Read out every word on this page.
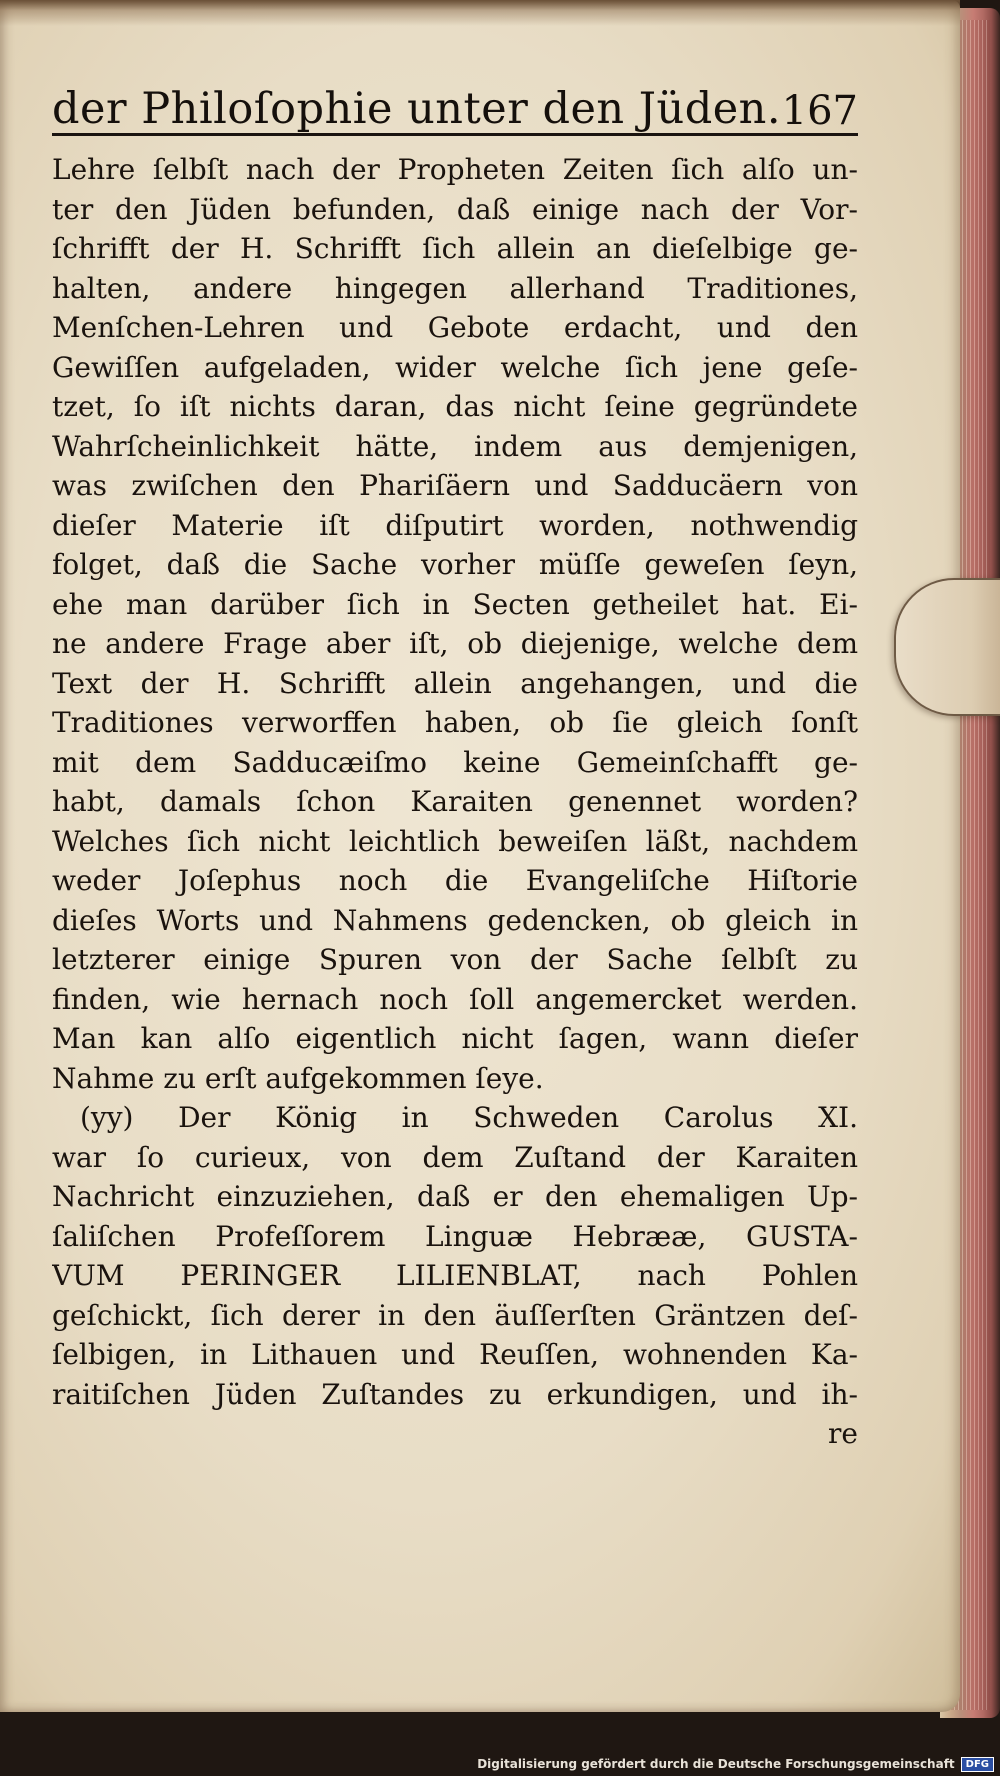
der Philoſophie unter den Jüden. 167
Lehre ſelbſt nach der Propheten Zeiten ſich alſo un-
ter den Jüden befunden, daß einige nach der Vor-
ſchrifft der H. Schrifft ſich allein an dieſelbige ge-
halten, andere hingegen allerhand Traditiones,
Menſchen-Lehren und Gebote erdacht, und den
Gewiſſen aufgeladen, wider welche ſich jene geſe-
tzet, ſo iſt nichts daran, das nicht ſeine gegründete
Wahrſcheinlichkeit hätte, indem aus demjenigen,
was zwiſchen den Phariſäern und Sadducäern von
dieſer Materie iſt diſputirt worden, nothwendig
folget, daß die Sache vorher müſſe geweſen ſeyn,
ehe man darüber ſich in Secten getheilet hat. Ei-
ne andere Frage aber iſt, ob diejenige, welche dem
Text der H. Schrifft allein angehangen, und die
Traditiones verworffen haben, ob ſie gleich ſonſt
mit dem Sadducæiſmo keine Gemeinſchafft ge-
habt, damals ſchon Karaiten genennet worden?
Welches ſich nicht leichtlich beweiſen läßt, nachdem
weder Joſephus noch die Evangeliſche Hiſtorie
dieſes Worts und Nahmens gedencken, ob gleich in
letzterer einige Spuren von der Sache ſelbſt zu
finden, wie hernach noch ſoll angemercket werden.
Man kan alſo eigentlich nicht ſagen, wann dieſer
Nahme zu erſt aufgekommen ſeye.
(yy) Der König in Schweden Carolus XI.
war ſo curieux, von dem Zuſtand der Karaiten
Nachricht einzuziehen, daß er den ehemaligen Up-
ſaliſchen Profeſſorem Linguæ Hebrææ, GUSTA-
VUM PERINGER LILIENBLAT, nach Pohlen
geſchickt, ſich derer in den äuſſerſten Gräntzen deſ-
ſelbigen, in Lithauen und Reuſſen, wohnenden Ka-
raitiſchen Jüden Zuſtandes zu erkundigen, und ih-
re
Digitalisierung gefördert durch die Deutsche Forschungsgemeinschaft	DFG
